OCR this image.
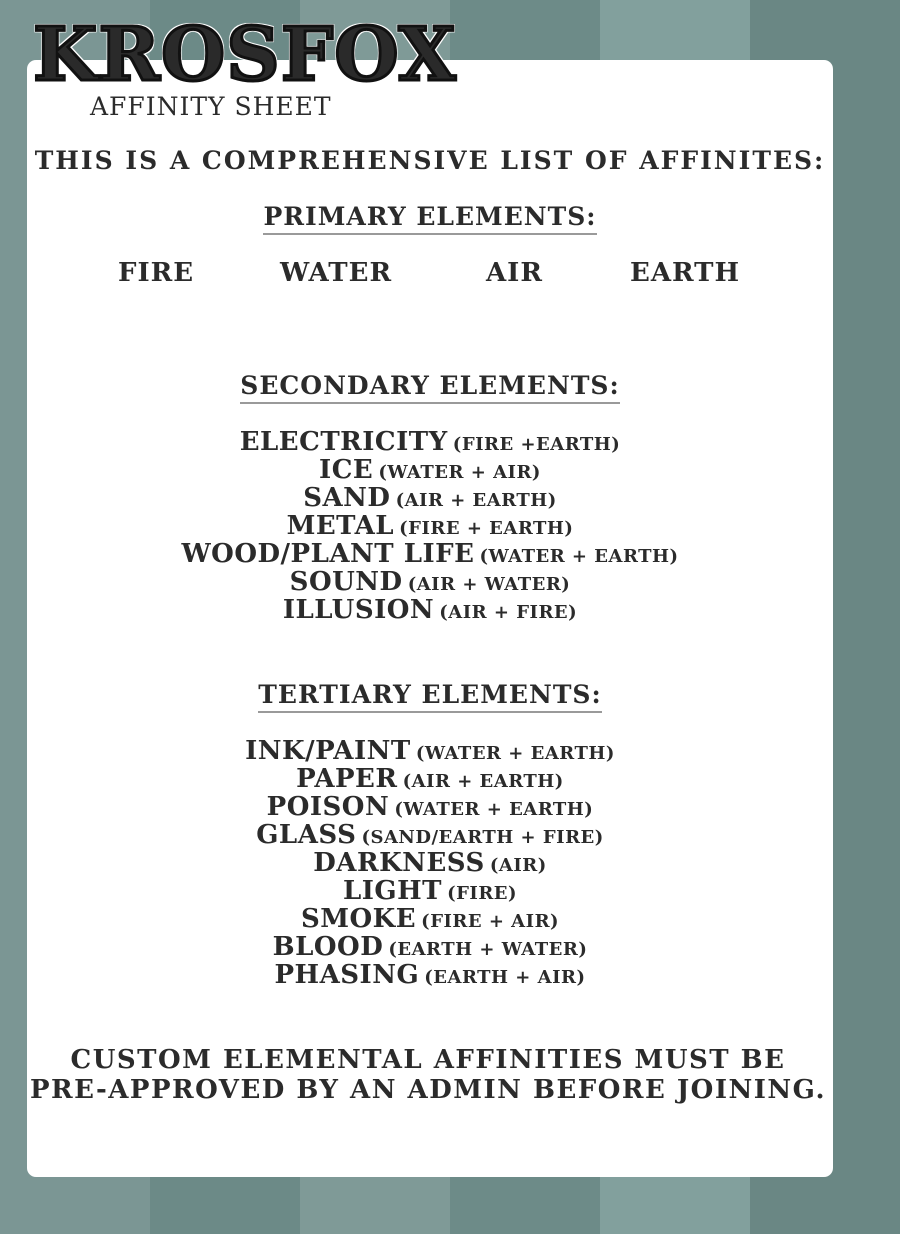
KROSFOX
AFFINITY SHEET

THIS IS A COMPREHENSIVE LIST OF AFFINITES:

PRIMARY ELEMENTS:
FIRE	WATER	AIR	EARTH
SECONDARY ELEMENTS:
ELECTRICITY (FIRE +EARTH)
ICE (WATER + AIR)
SAND (AIR + EARTH)
METAL (FIRE + EARTH)
WOOD/PLANT LIFE (WATER + EARTH)
SOUND (AIR + WATER)
ILLUSION (AIR + FIRE)
TERTIARY ELEMENTS:
INK/PAINT (WATER + EARTH)
PAPER (AIR + EARTH)
POISON (WATER + EARTH)
GLASS (SAND/EARTH + FIRE)
DARKNESS (AIR)
LIGHT (FIRE)
SMOKE (FIRE + AIR)
BLOOD (EARTH + WATER)
PHASING (EARTH + AIR)

CUSTOM ELEMENTAL AFFINITIES MUST BE
PRE-APPROVED BY AN ADMIN BEFORE JOINING.
